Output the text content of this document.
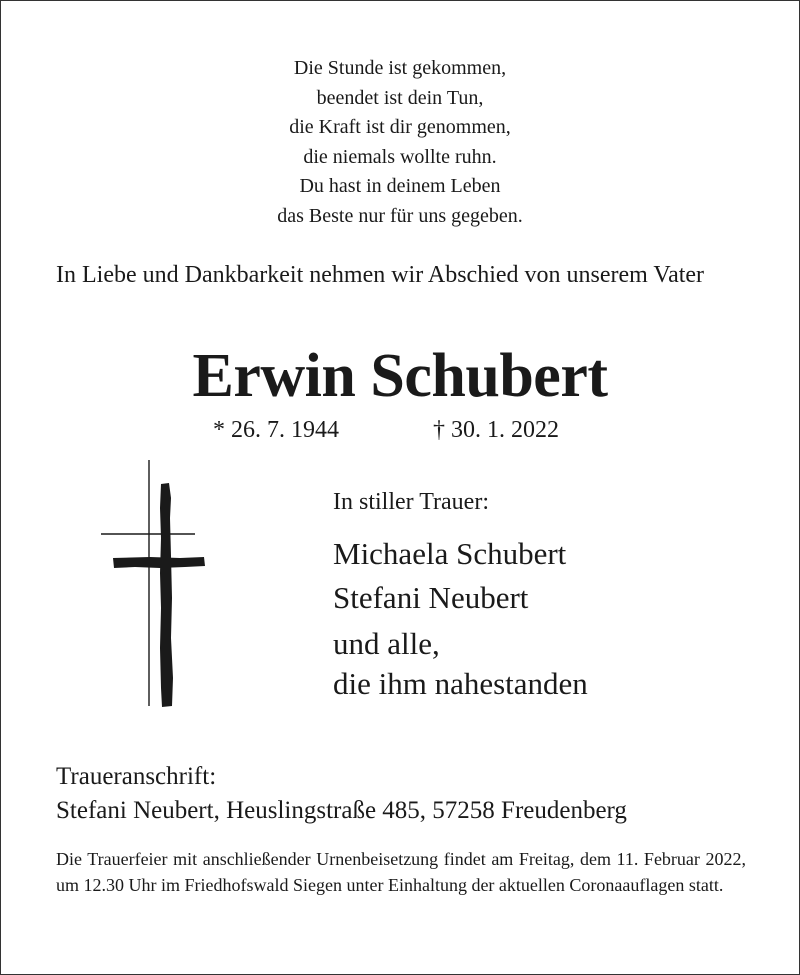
Die Stunde ist gekommen,
beendet ist dein Tun,
die Kraft ist dir genommen,
die niemals wollte ruhn.
Du hast in deinem Leben
das Beste nur für uns gegeben.
In Liebe und Dankbarkeit nehmen wir Abschied von unserem Vater
Erwin Schubert
* 26. 7. 1944	† 30. 1. 2022
In stiller Trauer:
Michaela Schubert
Stefani Neubert
und alle,
die ihm nahestanden
Traueranschrift:
Stefani Neubert, Heuslingstraße 485, 57258 Freudenberg
Die Trauerfeier mit anschließender Urnenbeisetzung findet am Freitag, dem 11. Februar 2022, um 12.30 Uhr im Friedhofswald Siegen unter Einhaltung der aktuellen Coronaauflagen statt.
